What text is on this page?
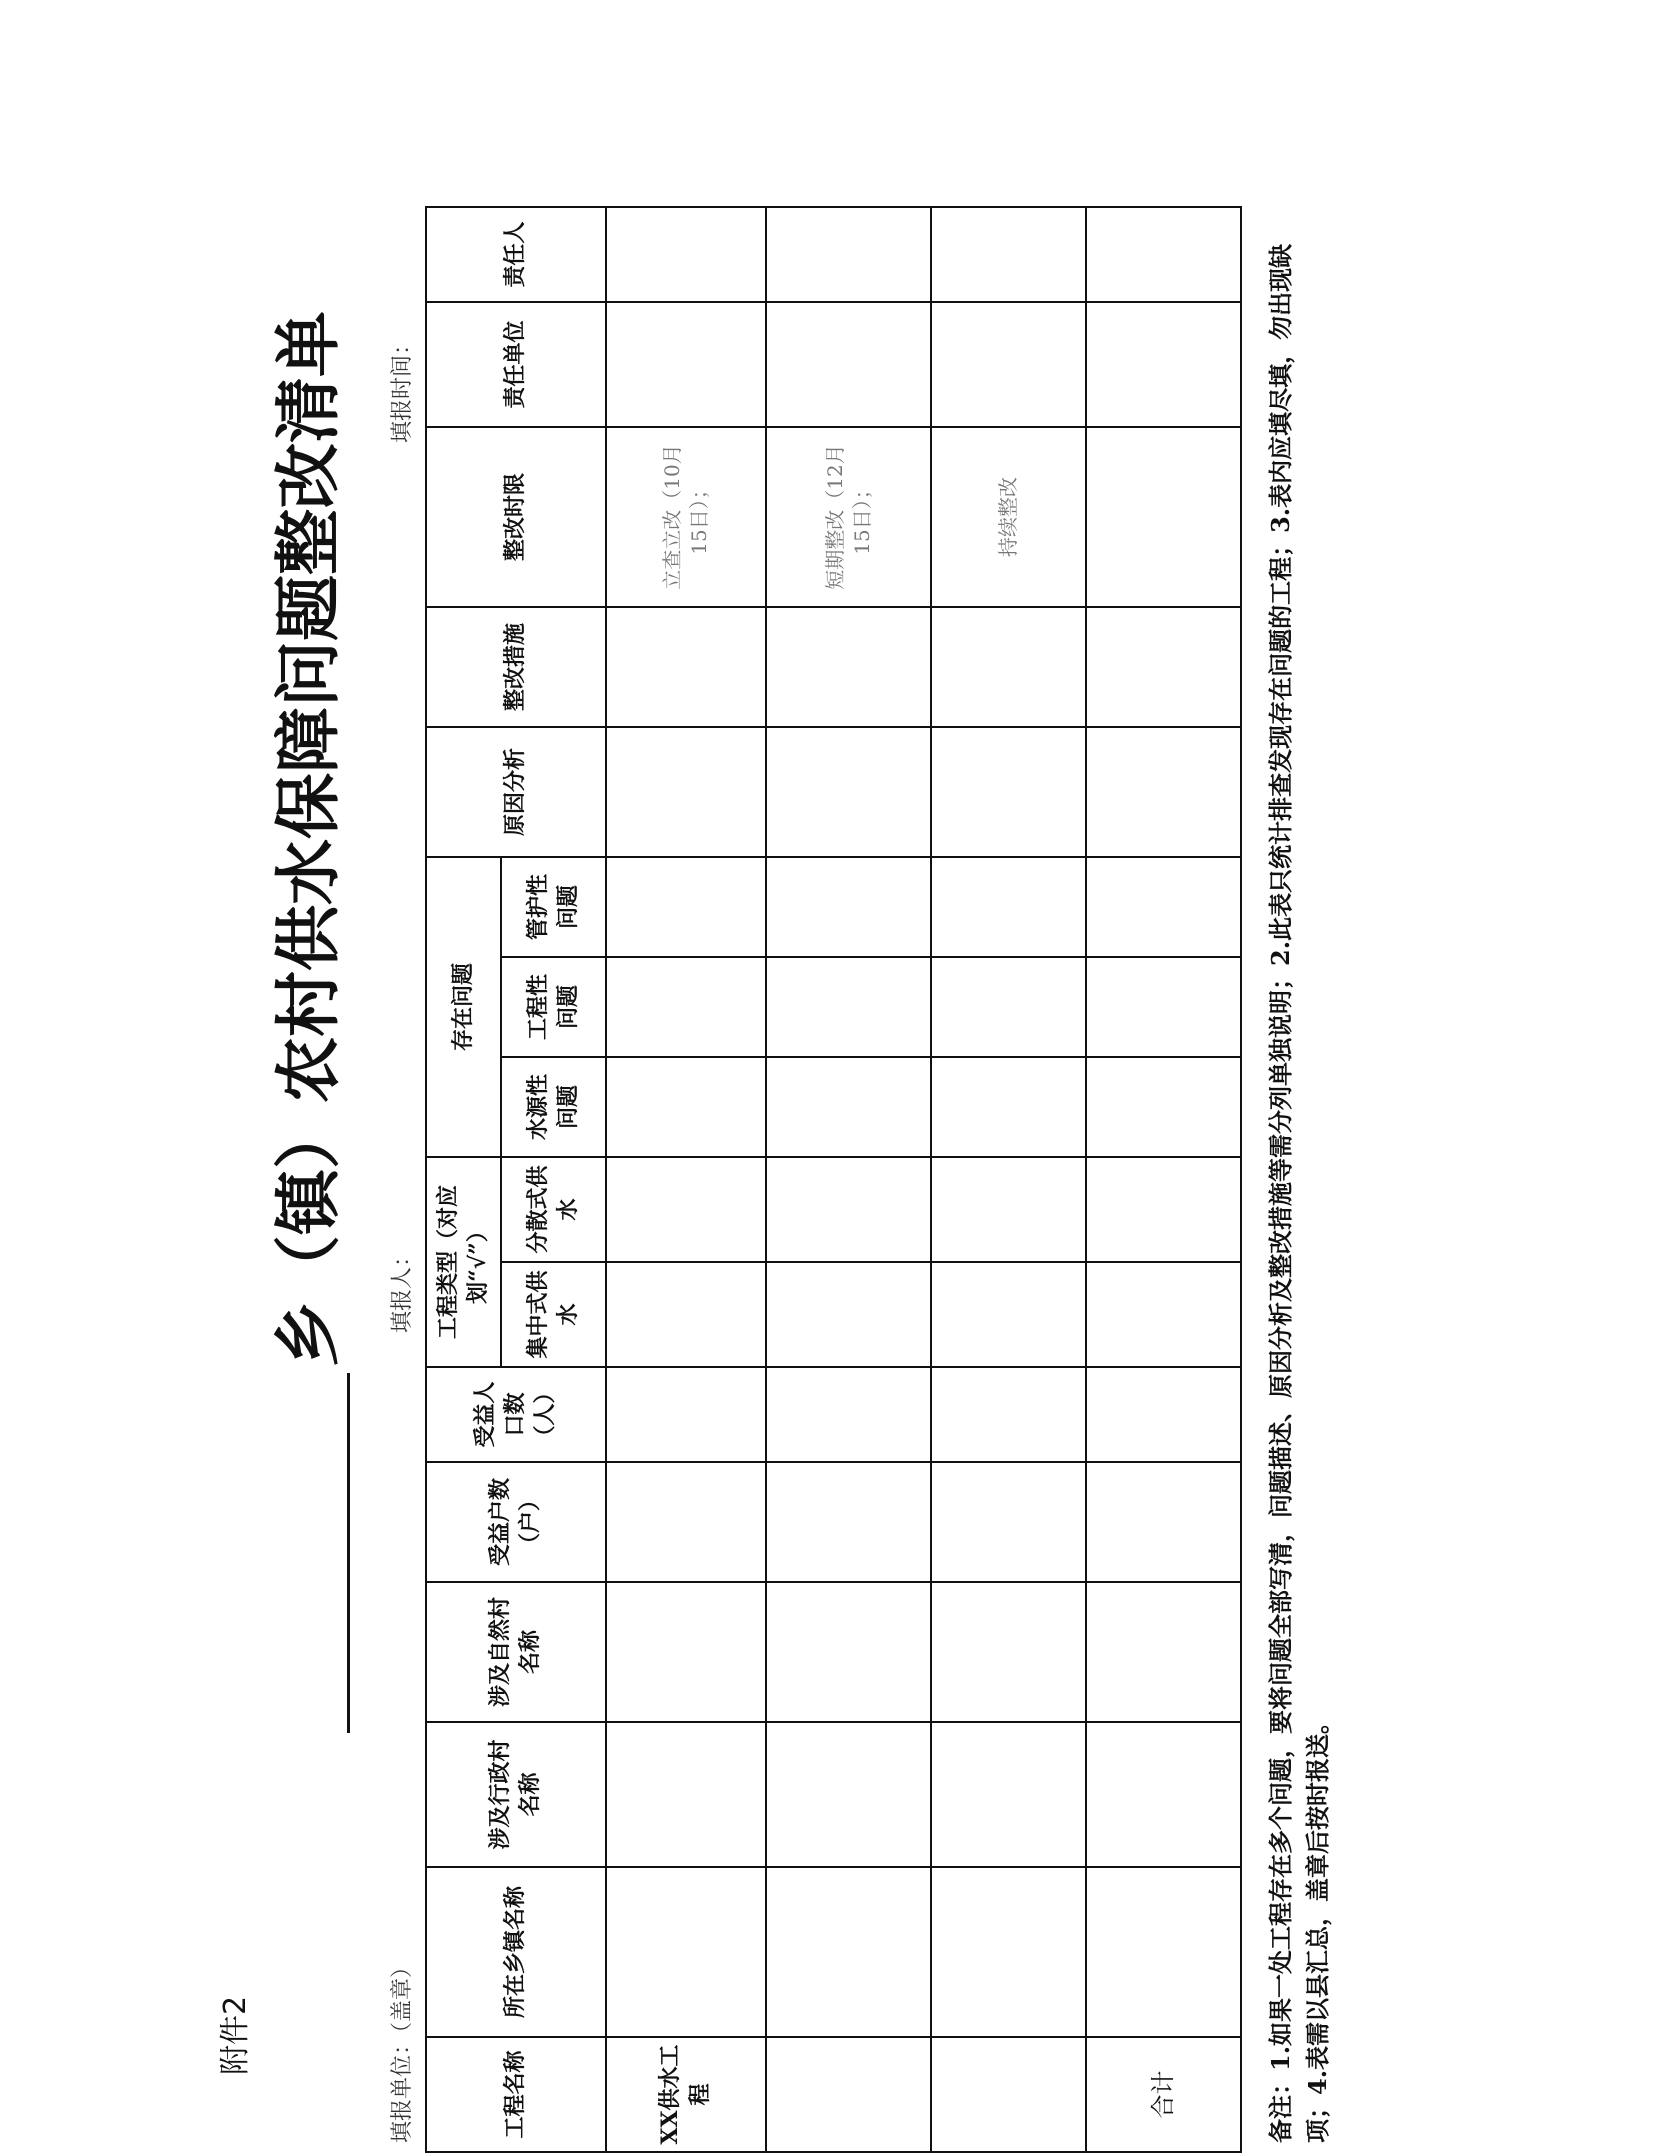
附件2
乡（镇）农村供水保障问题整改清单
填报单位：（盖章）
填报人：
填报时间：
工程名称	所在乡镇名称	涉及行政村名称	涉及自然村名称	受益户数（户）	受益人口数（人）	工程类型（对应划“√”）		存在问题			原因分析	整改措施	整改时限	责任单位	责任人
						集中式供水	分散式供水	水源性问题	工程性问题	管护性问题					
XX供水工程													立查立改（10月15日）；		
													短期整改（12月15日）；		
													持续整改		
合计																备注：1.如果一处工程存在多个问题，要将问题全部写清，问题描述、原因分析及整改措施等需分列单独说明；2.此表只统计排查发现存在问题的工程；3.表内应填尽填，勿出现缺项；4.表需以县汇总，盖章后按时报送。
